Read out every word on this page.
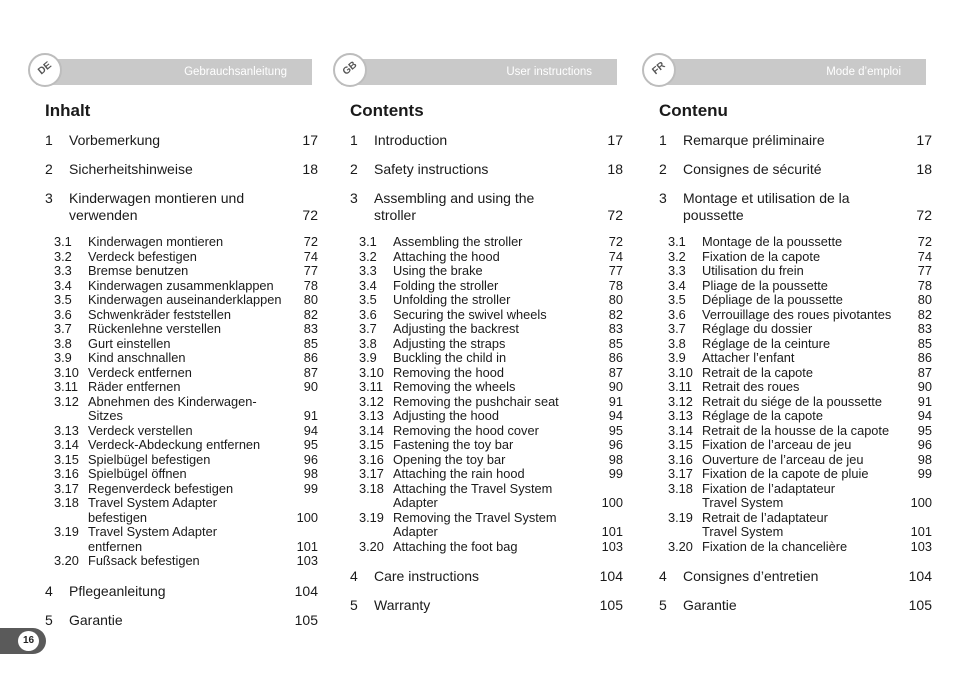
DE	Gebrauchsanleitung
Inhalt
1 Vorbemerkung	17
2 Sicherheitshinweise	18
3 Kinderwagen montieren und
verwenden	72
3.1 Kinderwagen montieren	72
3.2 Verdeck befestigen	74
3.3 Bremse benutzen	77
3.4 Kinderwagen zusammenklappen	78
3.5 Kinderwagen auseinanderklappen	80
3.6 Schwenkräder feststellen	82
3.7 Rückenlehne verstellen	83
3.8 Gurt einstellen	85
3.9 Kind anschnallen	86
3.10 Verdeck entfernen	87
3.11 Räder entfernen	90
3.12 Abnehmen des Kinderwagen-
Sitzes	91
3.13 Verdeck verstellen	94
3.14 Verdeck-Abdeckung entfernen	95
3.15 Spielbügel befestigen	96
3.16 Spielbügel öffnen	98
3.17 Regenverdeck befestigen	99
3.18 Travel System Adapter
befestigen	100
3.19 Travel System Adapter
entfernen	101
3.20 Fußsack befestigen	103
4 Pflegeanleitung	104
5 Garantie	105
GB	User instructions
Contents
1 Introduction	17
2 Safety instructions	18
3 Assembling and using the
stroller	72
3.1 Assembling the stroller	72
3.2 Attaching the hood	74
3.3 Using the brake	77
3.4 Folding the stroller	78
3.5 Unfolding the stroller	80
3.6 Securing the swivel wheels	82
3.7 Adjusting the backrest	83
3.8 Adjusting the straps	85
3.9 Buckling the child in	86
3.10 Removing the hood	87
3.11 Removing the wheels	90
3.12 Removing the pushchair seat	91
3.13 Adjusting the hood	94
3.14 Removing the hood cover	95
3.15 Fastening the toy bar	96
3.16 Opening the toy bar	98
3.17 Attaching the rain hood	99
3.18 Attaching the Travel System
Adapter	100
3.19 Removing the Travel System
Adapter	101
3.20 Attaching the foot bag	103
4 Care instructions	104
5 Warranty	105
FR	Mode d’emploi
Contenu
1 Remarque préliminaire	17
2 Consignes de sécurité	18
3 Montage et utilisation de la
poussette	72
3.1 Montage de la poussette	72
3.2 Fixation de la capote	74
3.3 Utilisation du frein	77
3.4 Pliage de la poussette	78
3.5 Dépliage de la poussette	80
3.6 Verrouillage des roues pivotantes	82
3.7 Réglage du dossier	83
3.8 Réglage de la ceinture	85
3.9 Attacher l’enfant	86
3.10 Retrait de la capote	87
3.11 Retrait des roues	90
3.12 Retrait du siége de la poussette	91
3.13 Réglage de la capote	94
3.14 Retrait de la housse de la capote	95
3.15 Fixation de l’arceau de jeu	96
3.16 Ouverture de l’arceau de jeu	98
3.17 Fixation de la capote de pluie	99
3.18 Fixation de l’adaptateur
Travel System	100
3.19 Retrait de l’adaptateur
Travel System	101
3.20 Fixation de la chancelière	103
4 Consignes d’entretien	104
5 Garantie	105
16
